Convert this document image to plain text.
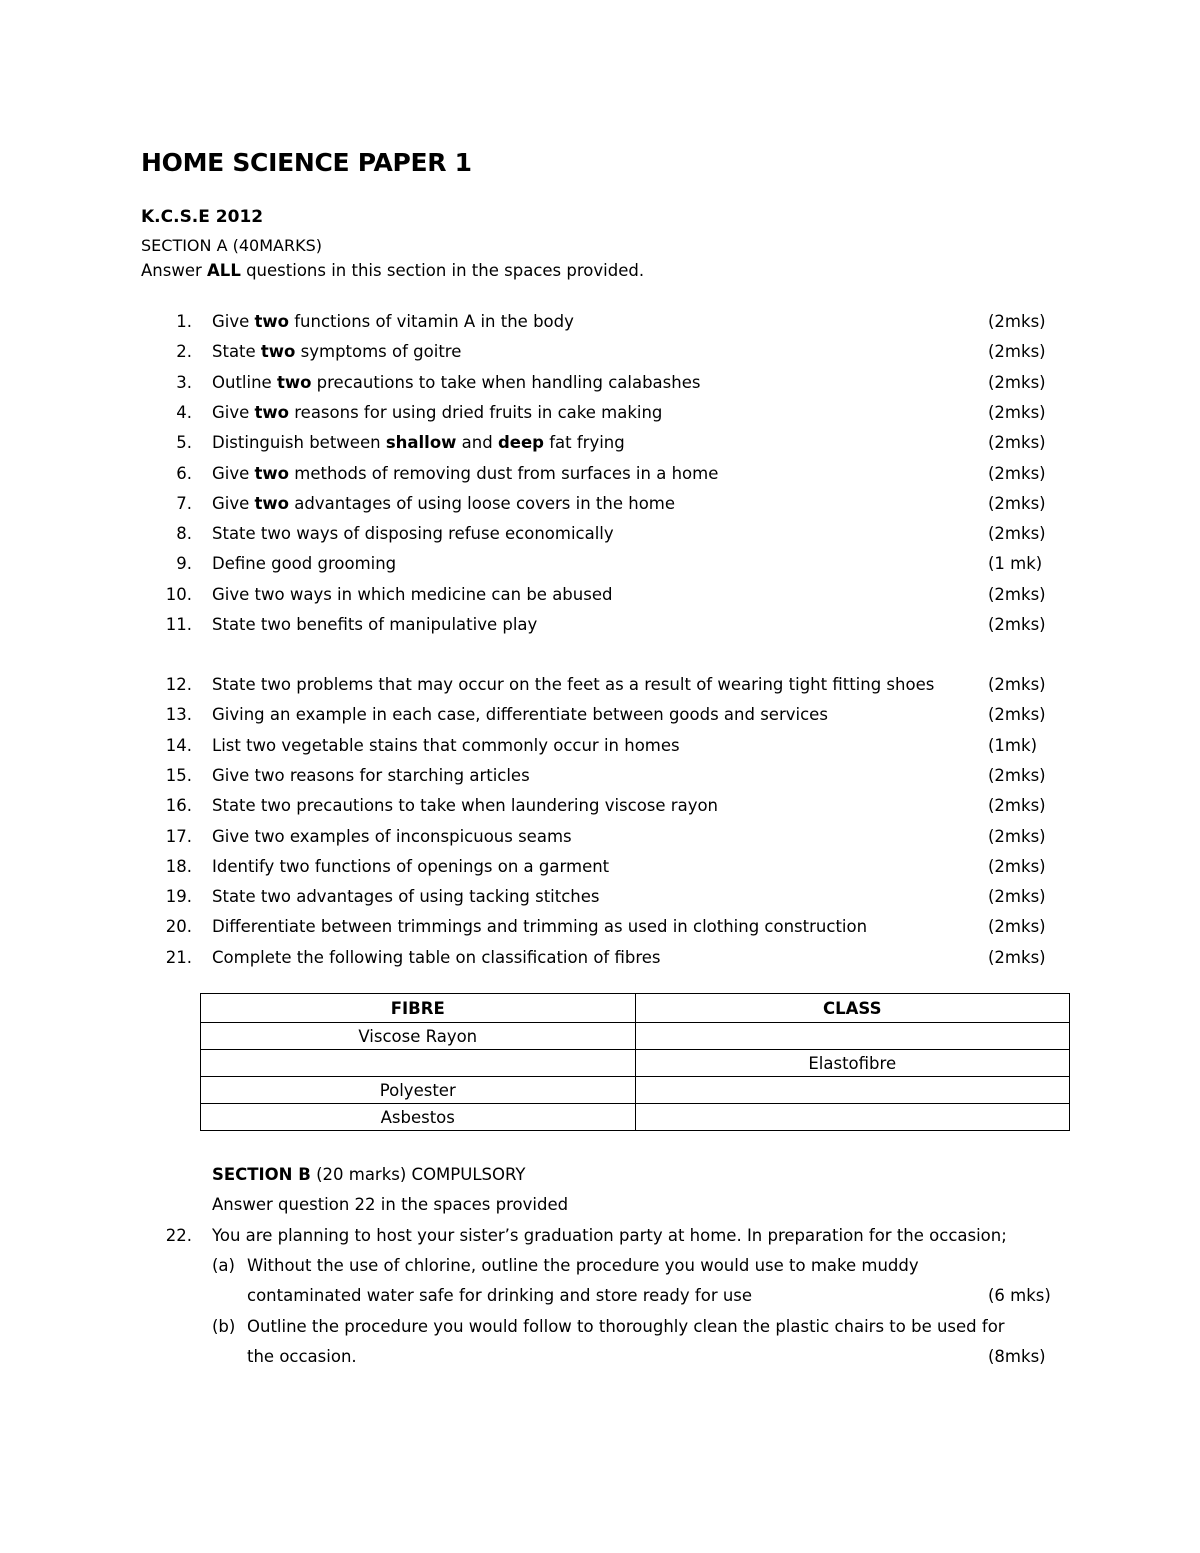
HOME SCIENCE PAPER 1
K.C.S.E 2012
SECTION A (40MARKS)
Answer ALL questions in this section in the spaces provided.
1. Give two functions of vitamin A in the body	(2mks)
2. State two symptoms of goitre	(2mks)
3. Outline two precautions to take when handling calabashes	(2mks)
4. Give two reasons for using dried fruits in cake making	(2mks)
5. Distinguish between shallow and deep fat frying	(2mks)
6. Give two methods of removing dust from surfaces in a home	(2mks)
7. Give two advantages of using loose covers in the home	(2mks)
8. State two ways of disposing refuse economically	(2mks)
9. Define good grooming	(1 mk)
10. Give two ways in which medicine can be abused	(2mks)
11. State two benefits of manipulative play	(2mks)
12. State two problems that may occur on the feet as a result of wearing tight fitting shoes	(2mks)
13. Giving an example in each case, differentiate between goods and services	(2mks)
14. List two vegetable stains that commonly occur in homes	(1mk)
15. Give two reasons for starching articles	(2mks)
16. State two precautions to take when laundering viscose rayon	(2mks)
17. Give two examples of inconspicuous seams	(2mks)
18. Identify two functions of openings on a garment	(2mks)
19. State two advantages of using tacking stitches	(2mks)
20. Differentiate between trimmings and trimming as used in clothing construction	(2mks)
21. Complete the following table on classification of fibres	(2mks)
FIBRE	CLASS
Viscose Rayon	
	Elastofibre
Polyester	
Asbestos	
SECTION B (20 marks) COMPULSORY
Answer question 22 in the spaces provided
22. You are planning to host your sister’s graduation party at home. In preparation for the occasion;
(a) Without the use of chlorine, outline the procedure you would use to make muddy
contaminated water safe for drinking and store ready for use	(6 mks)
(b) Outline the procedure you would follow to thoroughly clean the plastic chairs to be used for
the occasion.	(8mks)
